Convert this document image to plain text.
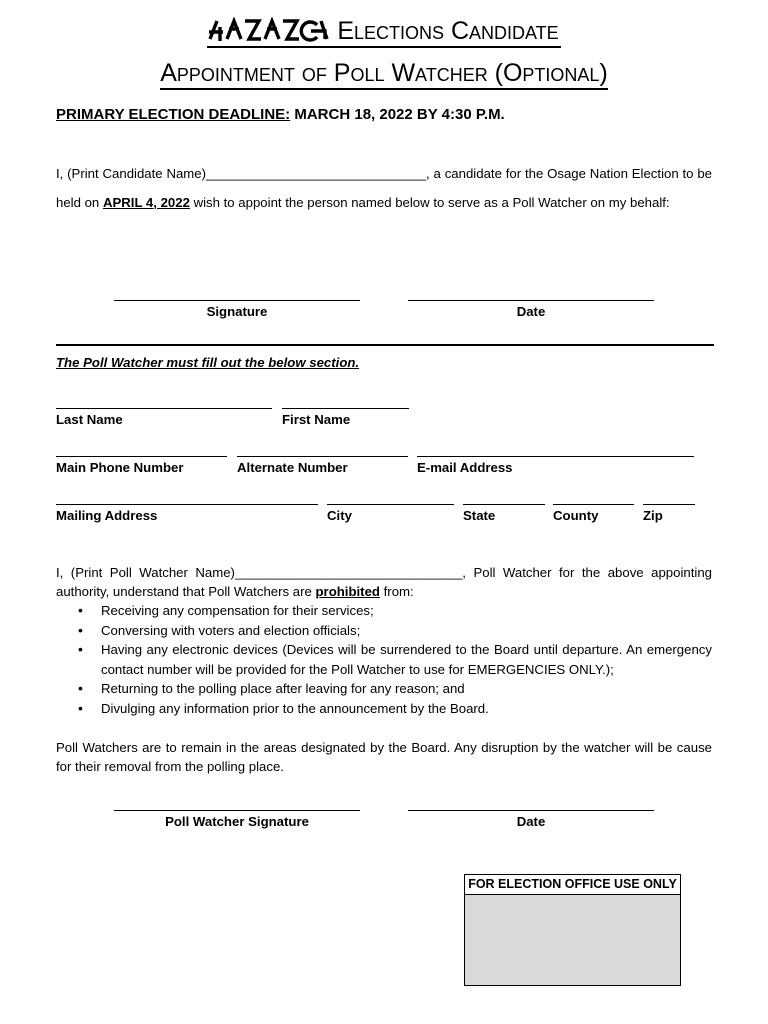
Elections Candidate
Appointment of Poll Watcher (Optional)
PRIMARY ELECTION DEADLINE: MARCH 18, 2022 BY 4:30 P.M.
I, (Print Candidate Name)______________________________, a candidate for the Osage Nation Election to be held on APRIL 4, 2022 wish to appoint the person named below to serve as a Poll Watcher on my behalf:
Signature	Date
The Poll Watcher must fill out the below section.
Last Name	First Name
Main Phone Number	Alternate Number	E-mail Address
Mailing Address	City	State	County	Zip
I, (Print Poll Watcher Name)_______________________________, Poll Watcher for the above appointing authority, understand that Poll Watchers are prohibited from:
• Receiving any compensation for their services;
• Conversing with voters and election officials;
• Having any electronic devices (Devices will be surrendered to the Board until departure. An emergency contact number will be provided for the Poll Watcher to use for EMERGENCIES ONLY.);
• Returning to the polling place after leaving for any reason; and
• Divulging any information prior to the announcement by the Board.
Poll Watchers are to remain in the areas designated by the Board. Any disruption by the watcher will be cause for their removal from the polling place.
Poll Watcher Signature	Date
FOR ELECTION OFFICE USE ONLY
